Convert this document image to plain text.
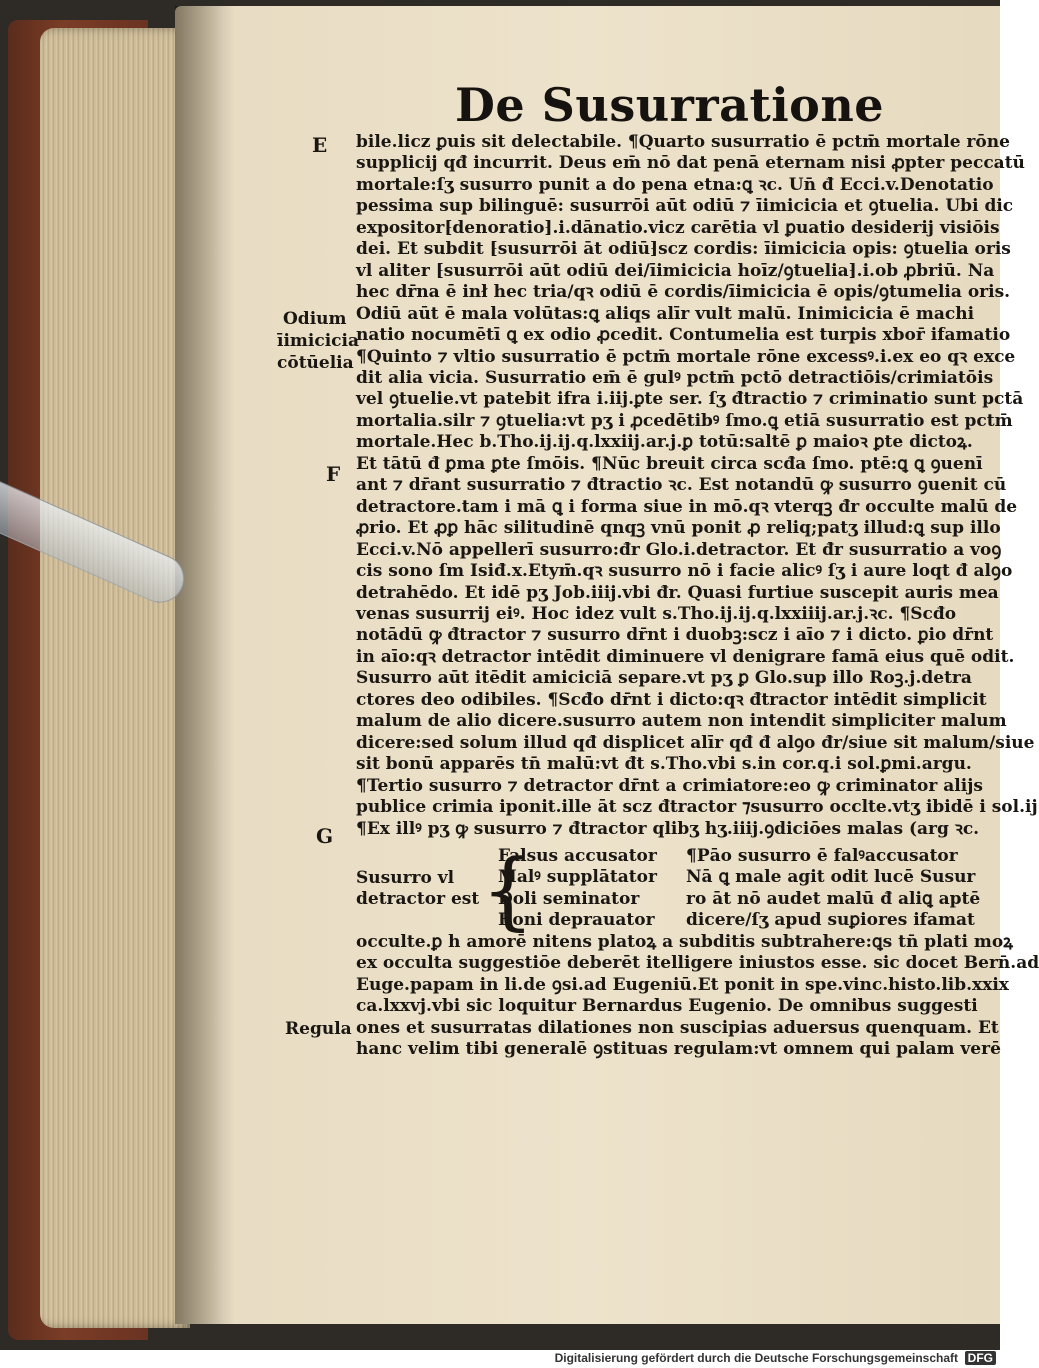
De Susurratione
E
Odium
īimicicia
cōtūelia
F
G
Regula
bile.licz ꝑuis sit delectabile. ¶Quarto susurratio ē pctm̄ mortale rōne
supplicij qđ incurrit. Deus em̄ nō dat penā eternam nisi ꝓpter peccatū
mortale:ſʒ susurro punit a do pena etna:ꝗ ꝛc. Un̄ đ Ecci.v.Denotatio
pessima sup bilinguē: susurrōi aūt odiū ⁊ īimicicia et ꝯtuelia. Ubi dic
expositor⁅denoratio⁆.i.dānatio.vicz carētia vl ꝑuatio desiderij visiōis
dei. Et subdit ⁅susurrōi āt odiū⁆scz cordis: īimicicia opis: ꝯtuelia oris
vl aliter ⁅susurrōi aūt odiū dei/īimicicia hoīz/ꝯtuelia⁆.i.ob ꝓbriū. Na
hec dr̄na ē inł hec tria/qꝛ odiū ē cordis/īimicicia ē opis/ꝯtumelia oris.
Odiū aūt ē mala volūtas:ꝗ aliqs alīr vult malū. Inimicicia ē machi
natio nocumētī ꝗ ex odio ꝓcedit. Contumelia est turpis xbor̄ ifamatio
¶Quinto ⁊ vltio susurratio ē pctm̄ mortale rōne excessꝰ.i.ex eo qꝛ exce
dit alia vicia. Susurratio em̄ ē gulꝰ pctm̄ pctō detractiōis/crimiatōis
vel ꝯtuelie.vt patebit ifra i.iij.ꝑte ser. ſʒ đtractio ⁊ criminatio sunt pctā
mortalia.silr ⁊ ꝯtuelia:vt pʒ i ꝓcedētibꝰ ſmo.ꝗ etiā susurratio est pctm̄
mortale.Hec b.Tho.ij.ij.q.lxxiij.ar.j.ꝑ totū:saltē ꝑ maioꝛ ꝑte dictoꝝ.
Et tātū đ ꝑma ꝑte ſmōis. ¶Nūc breuit circa scđa ſmo. ptē:ꝗ ꝗ ꝯuenī
ant ⁊ dr̄ant susurratio ⁊ đtractio ꝛc. Est notandū ꝙ susurro ꝯuenit cū
detractore.tam i mā ꝗ i forma siue in mō.qꝛ vterqꝫ đr occulte malū de
ꝓrio. Et ꝓꝑ hāc silitudinē qnqꝫ vnū ponit ꝓ reliq;patʒ illud:ꝗ sup illo
Ecci.v.Nō appellerī susurro:đr Glo.i.detractor. Et đr susurratio a voꝯ
cis sono ſm Isiđ.x.Etym̄.qꝛ susurro nō i facie alicꝰ ſʒ i aure loqt đ alꝯo
detrahēdo. Et idē pʒ Job.iiij.vbi đr. Quasi furtiue suscepit auris mea
venas susurrij eiꝰ. Hoc idez vult s.Tho.ij.ij.q.lxxiiij.ar.j.ꝛc. ¶Scđo
notādū ꝙ đtractor ⁊ susurro dr̄nt i duobꝫ:scz i aīo ⁊ i dicto. ꝑio dr̄nt
in aīo:qꝛ detractor intēdit diminuere vl denigrare famā eius quē odit.
Susurro aūt itēdit amiciciā separe.vt pʒ ꝑ Glo.sup illo Roꝫ.j.detra
ctores deo odibiles. ¶Scđo dr̄nt i dicto:qꝛ đtractor intēdit simplicit
malum de alio dicere.susurro autem non intendit simpliciter malum
dicere:sed solum illud qđ displicet alīr qđ đ alꝯo đr/siue sit malum/siue
sit bonū apparēs tn̄ malū:vt đt s.Tho.vbi s.in cor.q.i sol.ꝑmi.argu.
¶Tertio susurro ⁊ detractor dr̄nt a crimiatore:eo ꝙ criminator alijs
publice crimia iponit.ille āt scz đtractor ⁊susurro occlte.vtʒ ibidē i sol.ij
¶Ex illꝰ pʒ ꝙ susurro ⁊ đtractor qlibʒ hʒ.iiij.ꝯdiciōes malas (arg ꝛc.
Susurro vl
detractor est {
Falsus accusator
Malꝰ supplātator
Doli seminator
Boni deprauator
¶Pāo susurro ē falꝰaccusator
Nā ꝗ male agit odit lucē Susur
ro āt nō audet malū đ aliꝗ aptē
dicere/ſʒ apud suꝑiores ifamat
occulte.ꝑ h amorē nitens platoꝝ a subditis subtrahere:ꝗs tn̄ plati moꝝ
ex occulta suggestiōe deberēt itelligere iniustos esse. sic docet Bern̄.ad
Euge.papam in li.de ꝯsi.ad Eugeniū.Et ponit in spe.vinc.histo.lib.xxix
ca.lxxvj.vbi sic loquitur Bernardus Eugenio. De omnibus suggesti
ones et susurratas dilationes non suscipias aduersus quenquam. Et
hanc velim tibi generalē ꝯstituas regulam:vt omnem qui palam verē
Digitalisierung gefördert durch die Deutsche Forschungsgemeinschaft DFG
